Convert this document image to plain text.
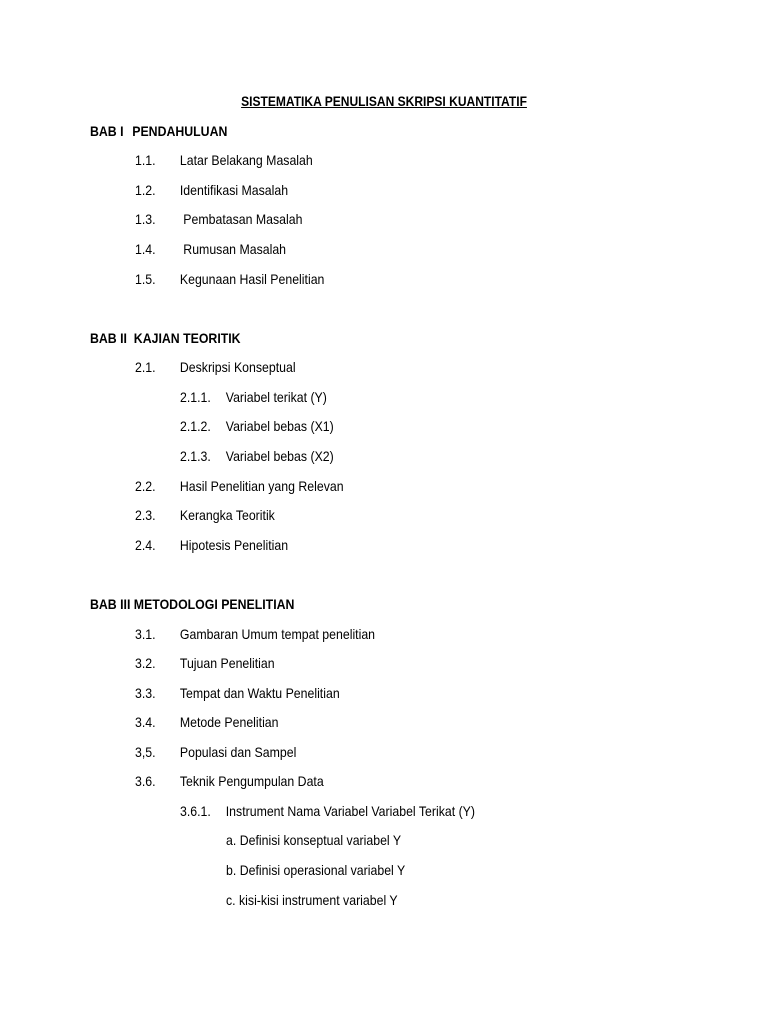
SISTEMATIKA PENULISAN SKRIPSI KUANTITATIF
BAB I PENDAHULUAN
1.1. Latar Belakang Masalah
1.2. Identifikasi Masalah
1.3. Pembatasan Masalah
1.4. Rumusan Masalah
1.5. Kegunaan Hasil Penelitian
BAB II  KAJIAN TEORITIK
2.1. Deskripsi Konseptual
2.1.1. Variabel terikat (Y)
2.1.2. Variabel bebas (X1)
2.1.3. Variabel bebas (X2)
2.2. Hasil Penelitian yang Relevan
2.3. Kerangka Teoritik
2.4. Hipotesis Penelitian
BAB III METODOLOGI PENELITIAN
3.1. Gambaran Umum tempat penelitian
3.2. Tujuan Penelitian
3.3. Tempat dan Waktu Penelitian
3.4. Metode Penelitian
3,5. Populasi dan Sampel
3.6. Teknik Pengumpulan Data
3.6.1. Instrument Nama Variabel Variabel Terikat (Y)
a. Definisi konseptual variabel Y
b. Definisi operasional variabel Y
c. kisi-kisi instrument variabel Y
